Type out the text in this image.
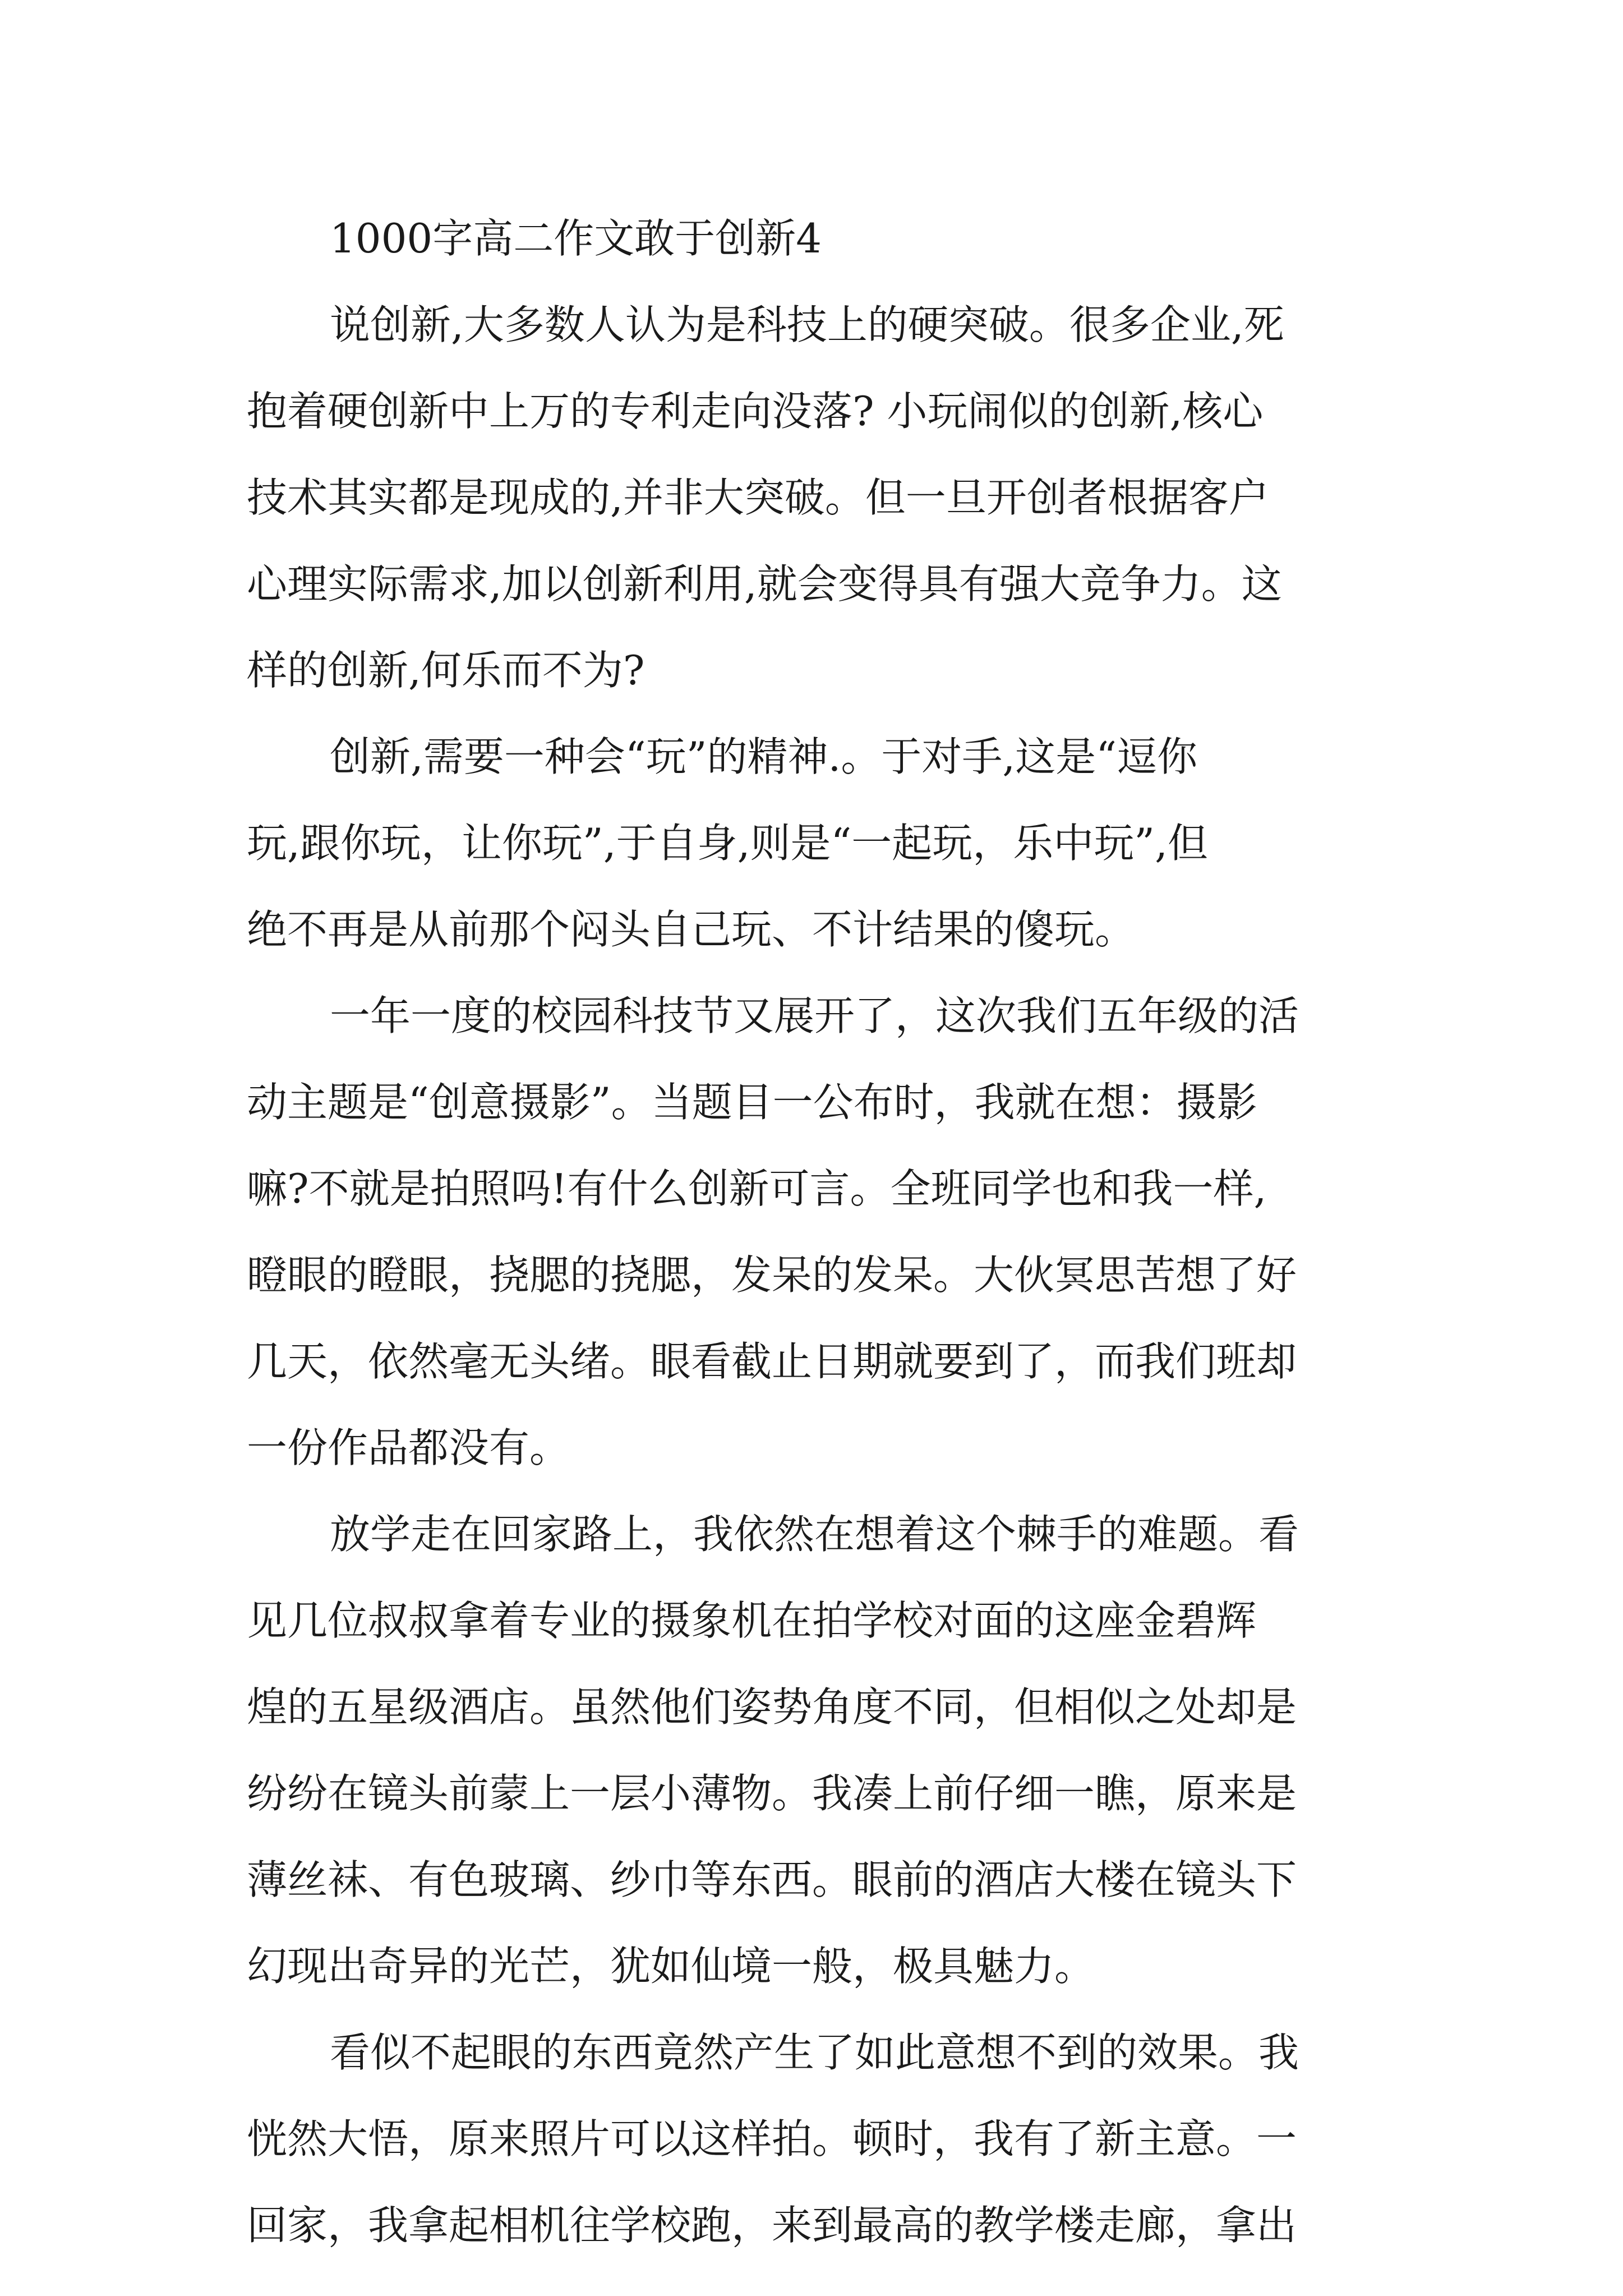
1000字高二作文敢于创新4
说创新,大多数人认为是科技上的硬突破。很多企业,死
抱着硬创新中上万的专利走向没落? 小玩闹似的创新,核心
技术其实都是现成的,并非大突破。但一旦开创者根据客户
心理实际需求,加以创新利用,就会变得具有强大竞争力。这
样的创新,何乐而不为?
创新,需要一种会“玩”的精神.。于对手,这是“逗你
玩,跟你玩，让你玩”,于自身,则是“一起玩，乐中玩”,但
绝不再是从前那个闷头自己玩、不计结果的傻玩。
一年一度的校园科技节又展开了，这次我们五年级的活
动主题是“创意摄影”。当题目一公布时，我就在想：摄影
嘛?不就是拍照吗!有什么创新可言。全班同学也和我一样,
瞪眼的瞪眼，挠腮的挠腮，发呆的发呆。大伙冥思苦想了好
几天，依然毫无头绪。眼看截止日期就要到了，而我们班却
一份作品都没有。
放学走在回家路上，我依然在想着这个棘手的难题。看
见几位叔叔拿着专业的摄象机在拍学校对面的这座金碧辉
煌的五星级酒店。虽然他们姿势角度不同，但相似之处却是
纷纷在镜头前蒙上一层小薄物。我凑上前仔细一瞧，原来是
薄丝袜、有色玻璃、纱巾等东西。眼前的酒店大楼在镜头下
幻现出奇异的光芒，犹如仙境一般，极具魅力。
看似不起眼的东西竟然产生了如此意想不到的效果。我
恍然大悟，原来照片可以这样拍。顿时，我有了新主意。一
回家，我拿起相机往学校跑，来到最高的教学楼走廊，拿出
